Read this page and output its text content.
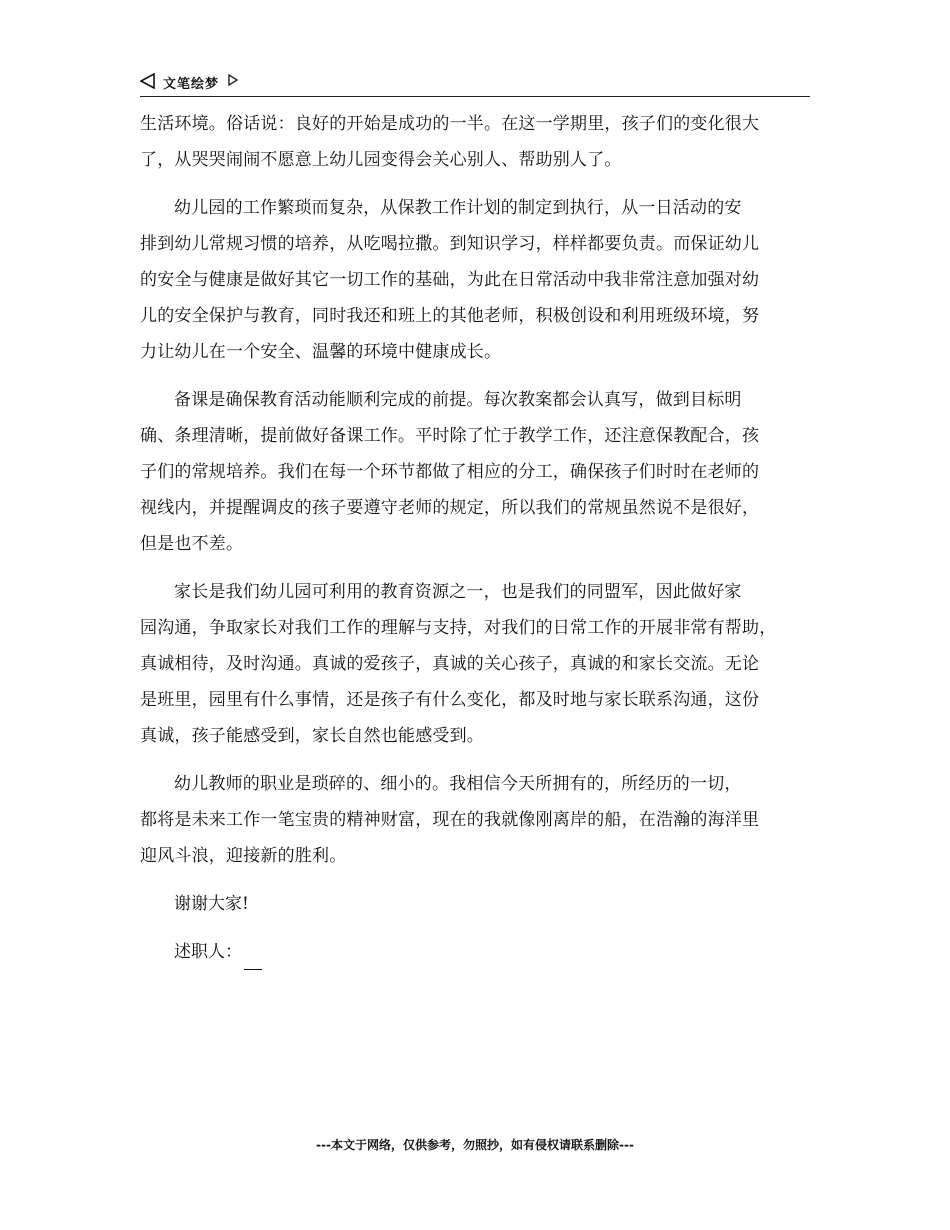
文笔绘梦
生活环境。俗话说：良好的开始是成功的一半。在这一学期里，孩子们的变化很大
了，从哭哭闹闹不愿意上幼儿园变得会关心别人、帮助别人了。
幼儿园的工作繁琐而复杂，从保教工作计划的制定到执行，从一日活动的安
排到幼儿常规习惯的培养，从吃喝拉撒。到知识学习，样样都要负责。而保证幼儿
的安全与健康是做好其它一切工作的基础，为此在日常活动中我非常注意加强对幼
儿的安全保护与教育，同时我还和班上的其他老师，积极创设和利用班级环境，努
力让幼儿在一个安全、温馨的环境中健康成长。
备课是确保教育活动能顺利完成的前提。每次教案都会认真写，做到目标明
确、条理清晰，提前做好备课工作。平时除了忙于教学工作，还注意保教配合，孩
子们的常规培养。我们在每一个环节都做了相应的分工，确保孩子们时时在老师的
视线内，并提醒调皮的孩子要遵守老师的规定，所以我们的常规虽然说不是很好，
但是也不差。
家长是我们幼儿园可利用的教育资源之一，也是我们的同盟军，因此做好家
园沟通，争取家长对我们工作的理解与支持，对我们的日常工作的开展非常有帮助，
真诚相待，及时沟通。真诚的爱孩子，真诚的关心孩子，真诚的和家长交流。无论
是班里，园里有什么事情，还是孩子有什么变化，都及时地与家长联系沟通，这份
真诚，孩子能感受到，家长自然也能感受到。
幼儿教师的职业是琐碎的、细小的。我相信今天所拥有的，所经历的一切，
都将是未来工作一笔宝贵的精神财富，现在的我就像刚离岸的船，在浩瀚的海洋里
迎风斗浪，迎接新的胜利。
谢谢大家!
述职人：
---本文于网络，仅供参考，勿照抄，如有侵权请联系删除---
